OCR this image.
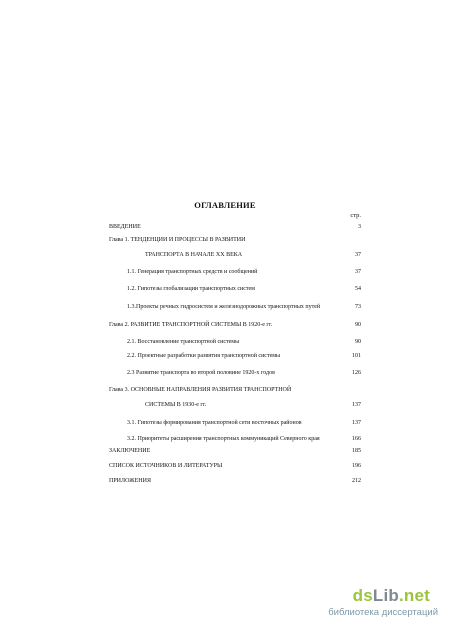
ОГЛАВЛЕНИЕ
стр.
ВВЕДЕНИЕ	3
Глава 1. ТЕНДЕНЦИИ И ПРОЦЕССЫ В РАЗВИТИИ
ТРАНСПОРТА В НАЧАЛЕ XX ВЕКА	37
1.1. Генерация транспортных средств и сообщений	37
1.2. Гипотезы глобализации транспортных систем	54
1.3.Проекты речных гидросистем и железнодорожных транспортных путей	73
Глава 2. РАЗВИТИЕ ТРАНСПОРТНОЙ СИСТЕМЫ В 1920-е гг.	90
2.1. Восстановление транспортной системы	90
2.2. Проектные разработки развития транспортной системы	101
2.3 Развитие транспорта во второй половине 1920-х годов	126
Глава 3. ОСНОВНЫЕ НАПРАВЛЕНИЯ РАЗВИТИЯ ТРАНСПОРТНОЙ
СИСТЕМЫ В 1930-е гг.	137
3.1. Гипотезы формирования транспортной сети восточных районов	137
3.2. Приоритеты расширения транспортных коммуникаций Северного края	166
ЗАКЛЮЧЕНИЕ	185
СПИСОК ИСТОЧНИКОВ И ЛИТЕРАТУРЫ	196
ПРИЛОЖЕНИЯ	212
dsLib.net
библиотека диссертаций
